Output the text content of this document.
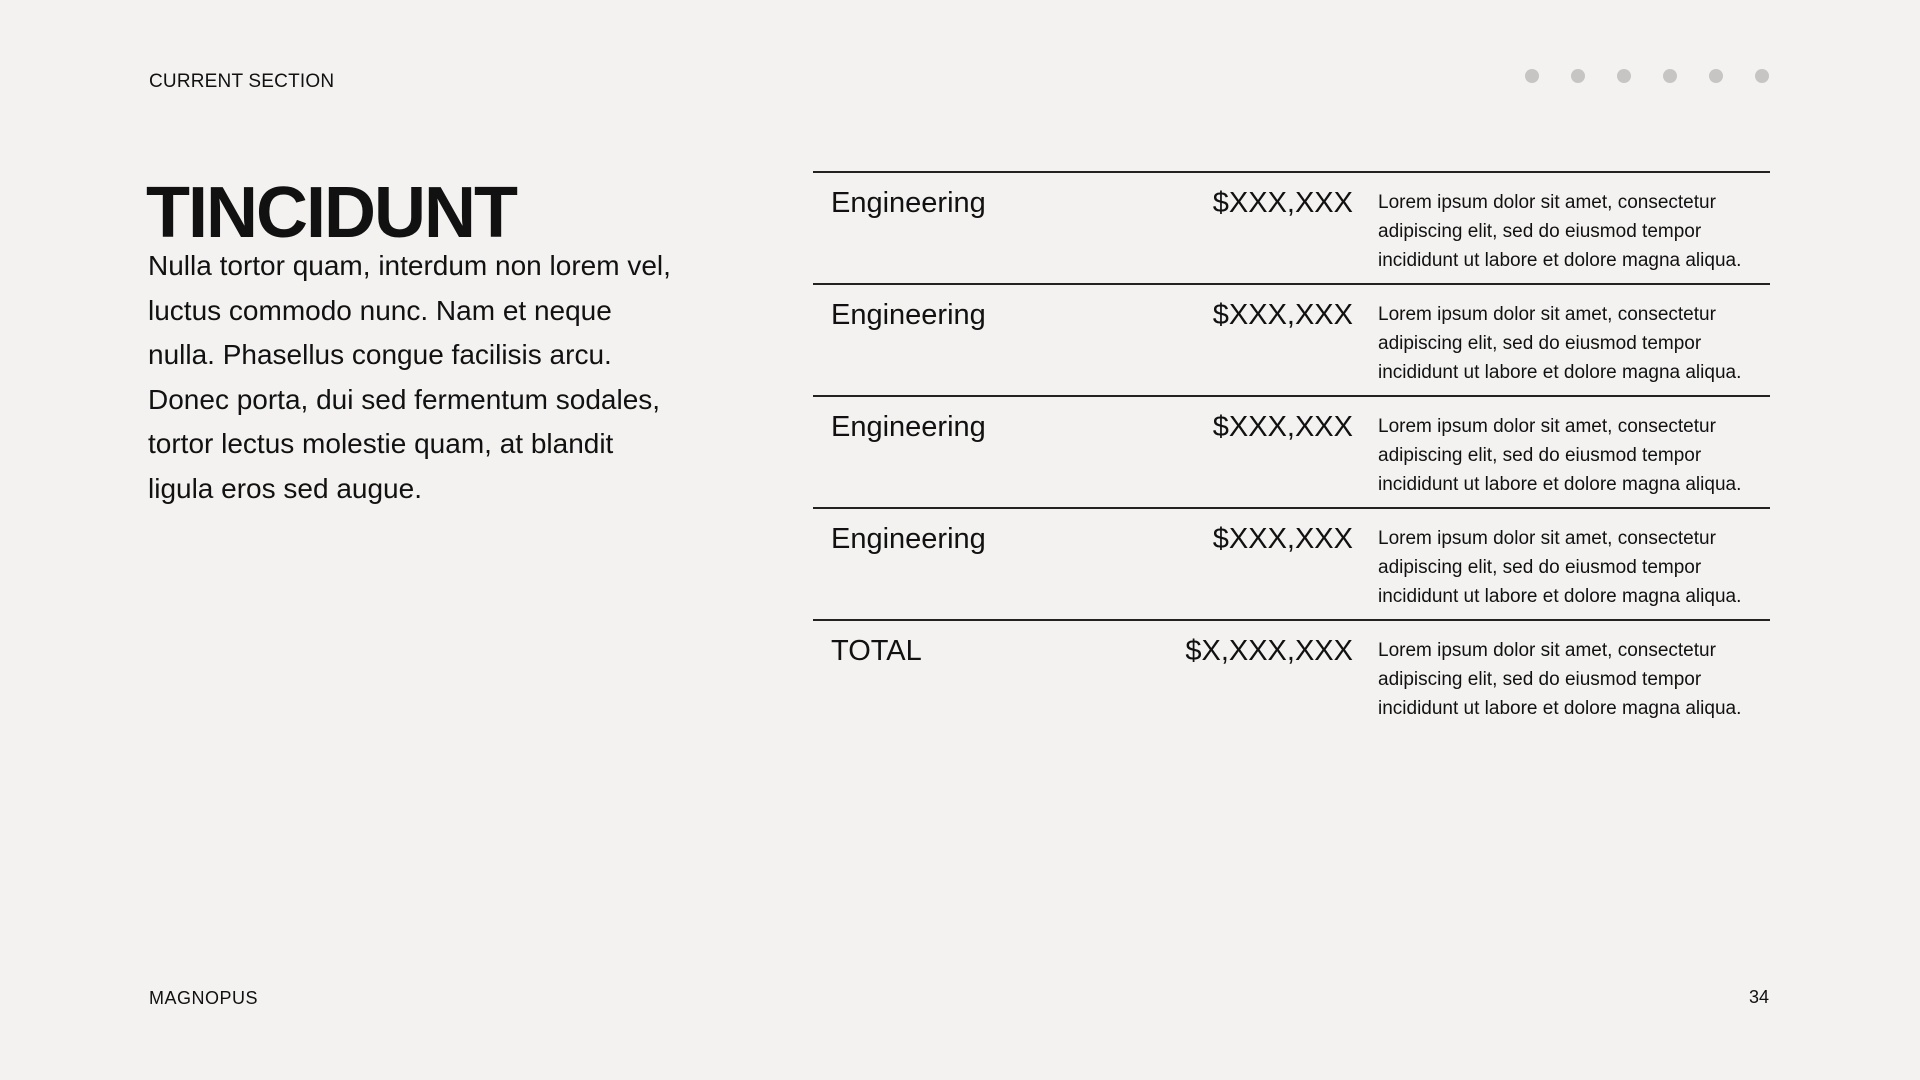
CURRENT SECTION
TINCIDUNT

Nulla tortor quam, interdum non lorem vel, luctus commodo nunc. Nam et neque nulla. Phasellus congue facilisis arcu. Donec porta, dui sed fermentum sodales, tortor lectus molestie quam, at blandit ligula eros sed augue.

Engineering	$XXX,XXX Lorem ipsum dolor sit amet, consectetur adipiscing elit, sed do eiusmod tempor incididunt ut labore et dolore magna aliqua.
Engineering	$XXX,XXX Lorem ipsum dolor sit amet, consectetur adipiscing elit, sed do eiusmod tempor incididunt ut labore et dolore magna aliqua.
Engineering	$XXX,XXX Lorem ipsum dolor sit amet, consectetur adipiscing elit, sed do eiusmod tempor incididunt ut labore et dolore magna aliqua.
Engineering	$XXX,XXX Lorem ipsum dolor sit amet, consectetur adipiscing elit, sed do eiusmod tempor incididunt ut labore et dolore magna aliqua.
TOTAL	$X,XXX,XXX Lorem ipsum dolor sit amet, consectetur adipiscing elit, sed do eiusmod tempor incididunt ut labore et dolore magna aliqua.
MAGNOPUS	34
